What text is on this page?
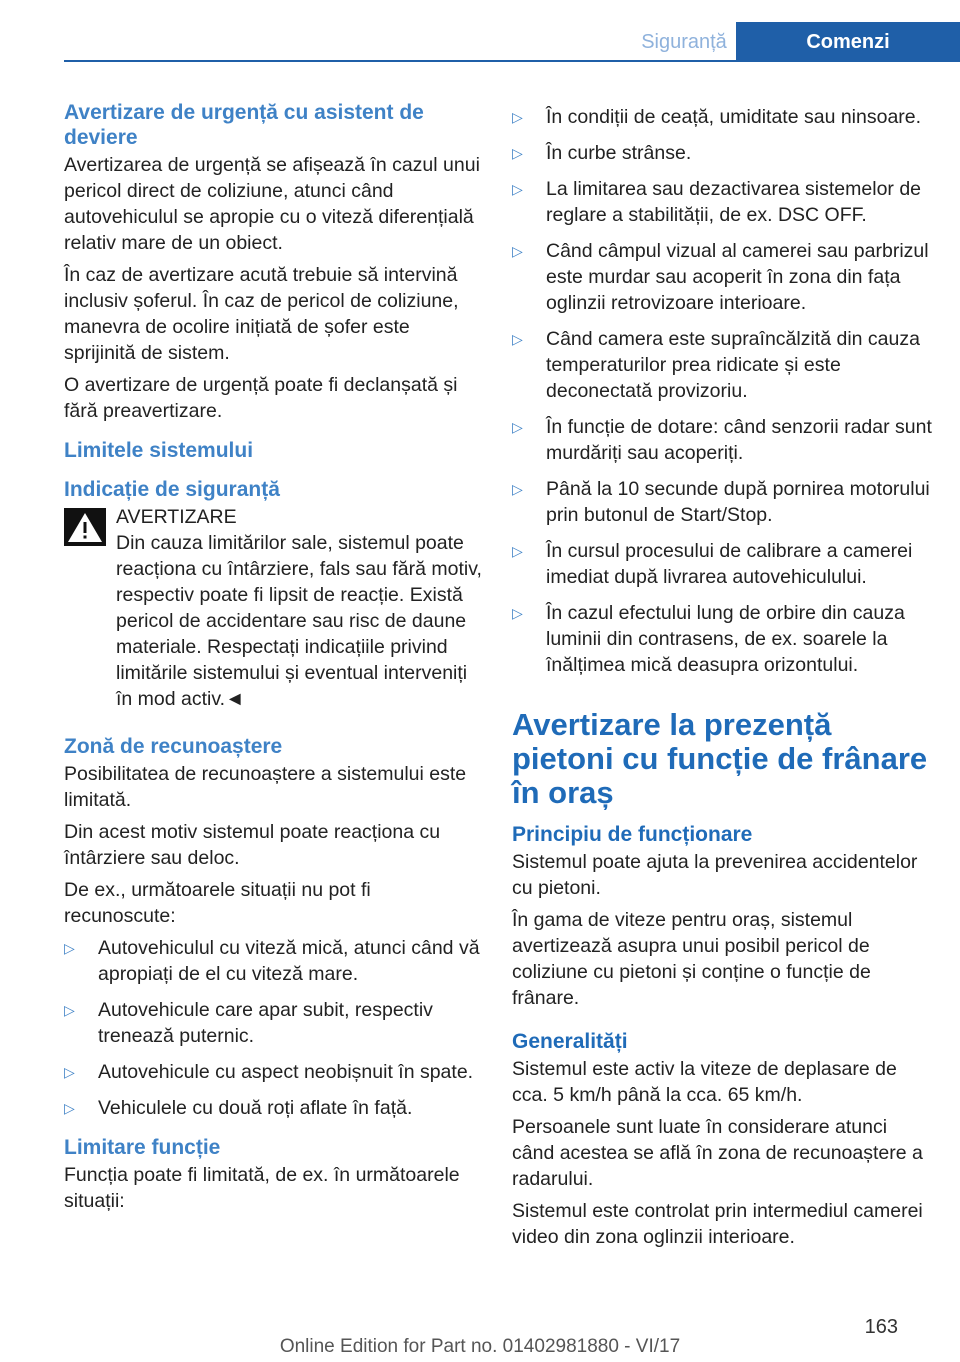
Siguranță	Comenzi
Avertizare de urgență cu asistent de deviere

Avertizarea de urgență se afișează în cazul unui pericol direct de coliziune, atunci când autovehiculul se apropie cu o viteză diferențială relativ mare de un obiect.

În caz de avertizare acută trebuie să intervină inclusiv șoferul. În caz de pericol de coliziune, manevra de ocolire inițiată de șofer este sprijinită de sistem.

O avertizare de urgență poate fi declanșată și fără preavertizare.

Limitele sistemului
Indicație de siguranță
AVERTIZARE
Din cauza limitărilor sale, sistemul poate reacționa cu întârziere, fals sau fără motiv, respectiv poate fi lipsit de reacție. Există pericol de accidentare sau risc de daune materiale. Respectați indicațiile privind limitările sistemului și eventual interveniți în mod activ.◄
Zonă de recunoaștere

Posibilitatea de recunoaștere a sistemului este limitată.

Din acest motiv sistemul poate reacționa cu întârziere sau deloc.

De ex., următoarele situații nu pot fi recunoscute:

▷ Autovehiculul cu viteză mică, atunci când vă apropiați de el cu viteză mare.
▷ Autovehicule care apar subit, respectiv trenează puternic.
▷ Autovehicule cu aspect neobișnuit în spate.
▷ Vehiculele cu două roți aflate în față.
Limitare funcție

Funcția poate fi limitată, de ex. în următoarele situații:

▷ În condiții de ceață, umiditate sau ninsoare.
▷ În curbe strânse.
▷ La limitarea sau dezactivarea sistemelor de reglare a stabilității, de ex. DSC OFF.
▷ Când câmpul vizual al camerei sau parbrizul este murdar sau acoperit în zona din fața oglinzii retrovizoare interioare.
▷ Când camera este supraîncălzită din cauza temperaturilor prea ridicate și este deconectată provizoriu.
▷ În funcție de dotare: când senzorii radar sunt murdăriți sau acoperiți.
▷ Până la 10 secunde după pornirea motorului prin butonul de Start/Stop.
▷ În cursul procesului de calibrare a camerei imediat după livrarea autovehiculului.
▷ În cazul efectului lung de orbire din cauza luminii din contrasens, de ex. soarele la înălțimea mică deasupra orizontului.
Avertizare la prezență pietoni cu funcție de frânare în oraș
Principiu de funcționare

Sistemul poate ajuta la prevenirea accidentelor cu pietoni.

În gama de viteze pentru oraș, sistemul avertizează asupra unui posibil pericol de coliziune cu pietoni și conține o funcție de frânare.

Generalități

Sistemul este activ la viteze de deplasare de cca. 5 km/h până la cca. 65 km/h.

Persoanele sunt luate în considerare atunci când acestea se află în zona de recunoaștere a radarului.

Sistemul este controlat prin intermediul camerei video din zona oglinzii interioare.

163
Online Edition for Part no. 01402981880 - VI/17
